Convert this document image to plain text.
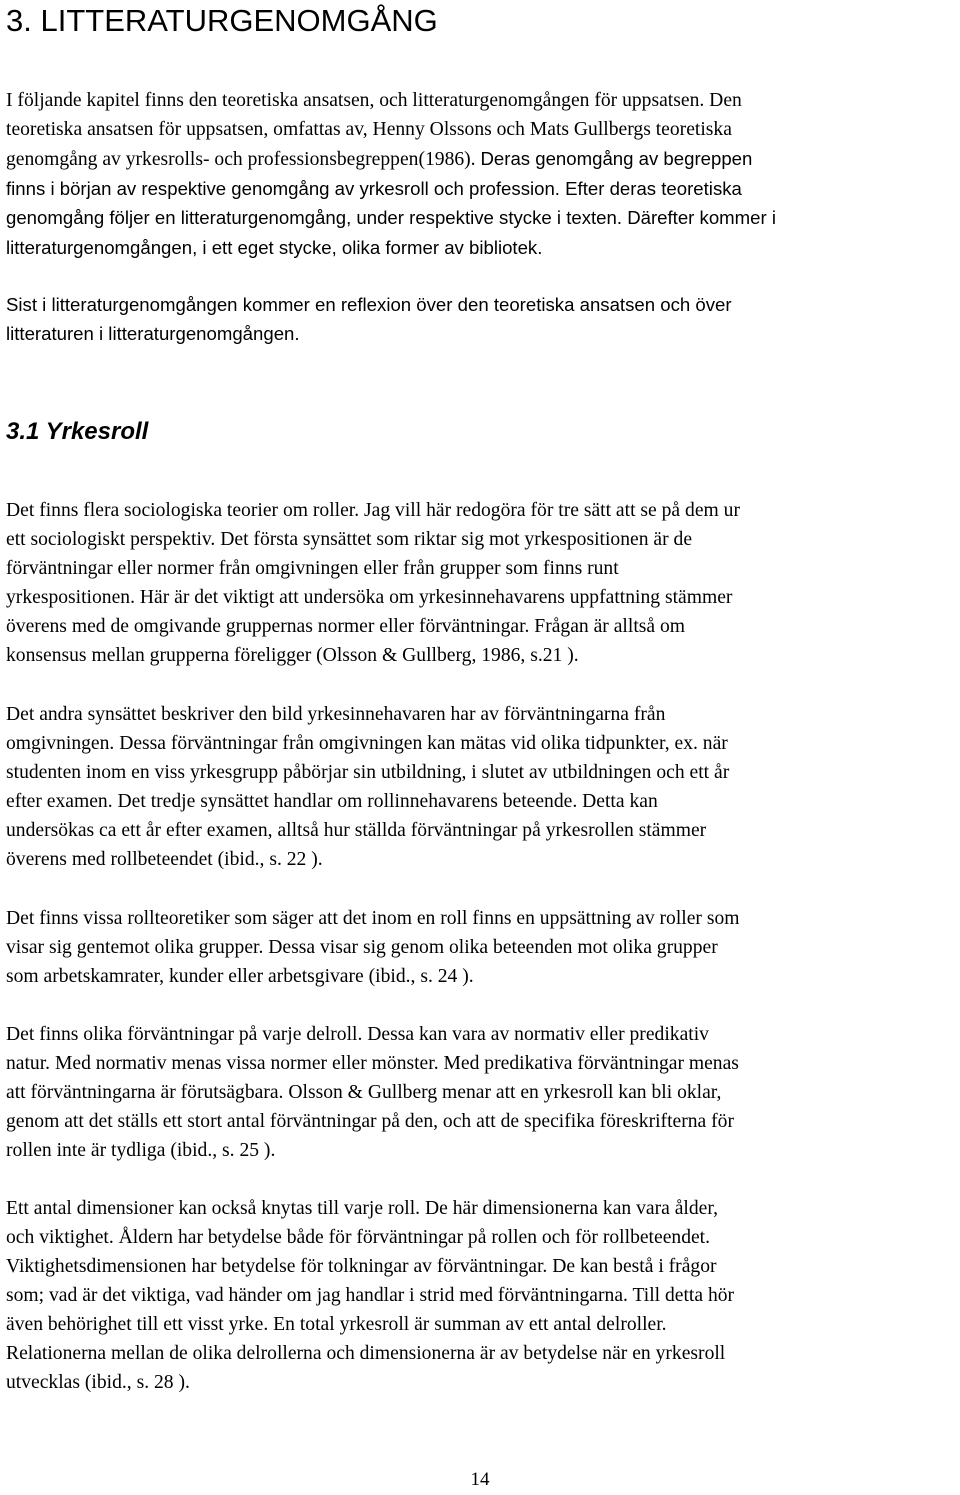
3. LITTERATURGENOMGÅNG

I följande kapitel finns den teoretiska ansatsen, och litteraturgenomgången för uppsatsen. Den
teoretiska ansatsen för uppsatsen, omfattas av, Henny Olssons och Mats Gullbergs teoretiska
genomgång av yrkesrolls- och professionsbegreppen(1986). Deras genomgång av begreppen
finns i början av respektive genomgång av yrkesroll och profession. Efter deras teoretiska
genomgång följer en litteraturgenomgång, under respektive stycke i texten. Därefter kommer i
litteraturgenomgången, i ett eget stycke, olika former av bibliotek.

Sist i litteraturgenomgången kommer en reflexion över den teoretiska ansatsen och över
litteraturen i litteraturgenomgången.

3.1 Yrkesroll

Det finns flera sociologiska teorier om roller. Jag vill här redogöra för tre sätt att se på dem ur
ett sociologiskt perspektiv. Det första synsättet som riktar sig mot yrkespositionen är de
förväntningar eller normer från omgivningen eller från grupper som finns runt
yrkespositionen. Här är det viktigt att undersöka om yrkesinnehavarens uppfattning stämmer
överens med de omgivande gruppernas normer eller förväntningar. Frågan är alltså om
konsensus mellan grupperna föreligger (Olsson & Gullberg, 1986, s.21 ).

Det andra synsättet beskriver den bild yrkesinnehavaren har av förväntningarna från
omgivningen. Dessa förväntningar från omgivningen kan mätas vid olika tidpunkter, ex. när
studenten inom en viss yrkesgrupp påbörjar sin utbildning, i slutet av utbildningen och ett år
efter examen. Det tredje synsättet handlar om rollinnehavarens beteende. Detta kan
undersökas ca ett år efter examen, alltså hur ställda förväntningar på yrkesrollen stämmer
överens med rollbeteendet (ibid., s. 22 ).

Det finns vissa rollteoretiker som säger att det inom en roll finns en uppsättning av roller som
visar sig gentemot olika grupper. Dessa visar sig genom olika beteenden mot olika grupper
som arbetskamrater, kunder eller arbetsgivare (ibid., s. 24 ).

Det finns olika förväntningar på varje delroll. Dessa kan vara av normativ eller predikativ
natur. Med normativ menas vissa normer eller mönster. Med predikativa förväntningar menas
att förväntningarna är förutsägbara. Olsson & Gullberg menar att en yrkesroll kan bli oklar,
genom att det ställs ett stort antal förväntningar på den, och att de specifika föreskrifterna för
rollen inte är tydliga (ibid., s. 25 ).

Ett antal dimensioner kan också knytas till varje roll. De här dimensionerna kan vara ålder,
och viktighet. Åldern har betydelse både för förväntningar på rollen och för rollbeteendet.
Viktighetsdimensionen har betydelse för tolkningar av förväntningar. De kan bestå i frågor
som; vad är det viktiga, vad händer om jag handlar i strid med förväntningarna. Till detta hör
även behörighet till ett visst yrke. En total yrkesroll är summan av ett antal delroller.
Relationerna mellan de olika delrollerna och dimensionerna är av betydelse när en yrkesroll
utvecklas (ibid., s. 28 ).

14
